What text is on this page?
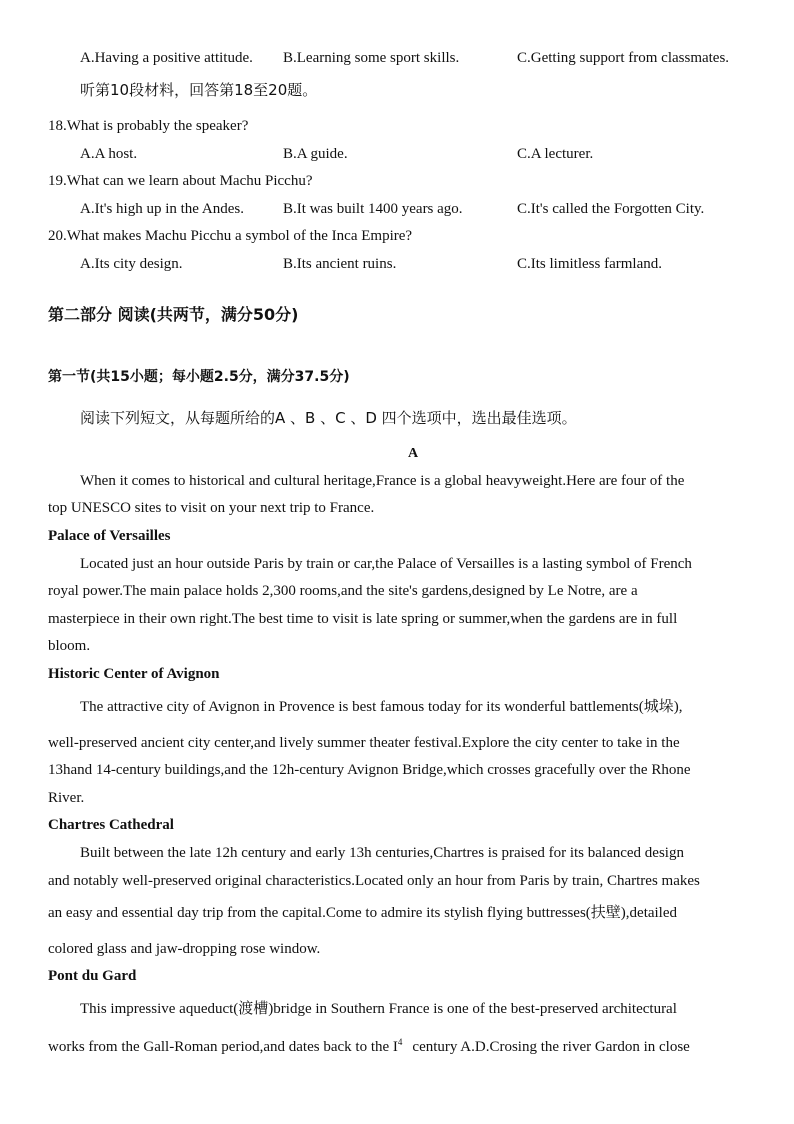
A.Having a positive attitude. B.Learning some sport skills.	C.Getting support from classmates.
听第10段材料，回答第18至20题。
18.What is probably the speaker?
A.A host.	B.A guide.	C.A lecturer.
19.What can we learn about Machu Picchu?
A.It's high up in the Andes.	B.It was built 1400 years ago.	C.It's called the Forgotten City.
20.What makes Machu Picchu a symbol of the Inca Empire?
A.Its city design.	B.Its ancient ruins.	C.Its limitless farmland.
第二部分 阅读(共两节，满分50分)
第一节(共15小题；每小题2.5分，满分37.5分)
阅读下列短文，从每题所给的A 、B 、C 、D 四个选项中，选出最佳选项。
A
When it comes to historical and cultural heritage,France is a global heavyweight.Here are four of the
top UNESCO sites to visit on your next trip to France.
Palace of Versailles
Located just an hour outside Paris by train or car,the Palace of Versailles is a lasting symbol of French
royal power.The main palace holds 2,300 rooms,and the site's gardens,designed by Le Notre, are a
masterpiece in their own right.The best time to visit is late spring or summer,when the gardens are in full
bloom.
Historic Center of Avignon
The attractive city of Avignon in Provence is best famous today for its wonderful battlements(城垛),
well-preserved ancient city center,and lively summer theater festival.Explore the city center to take in the
13hand 14-century buildings,and the 12h-century Avignon Bridge,which crosses gracefully over the Rhone
River.
Chartres Cathedral
Built between the late 12h century and early 13h centuries,Chartres is praised for its balanced design
and notably well-preserved original characteristics.Located only an hour from Paris by train, Chartres makes
an easy and essential day trip from the capital.Come to admire its stylish flying buttresses(扶壁),detailed
colored glass and jaw-dropping rose window.
Pont du Gard
This impressive aqueduct(渡槽)bridge in Southern France is one of the best-preserved architectural
works from the Gall-Roman period,and dates back to the $I^4$ century A.D.Crosing the river Gardon in close
